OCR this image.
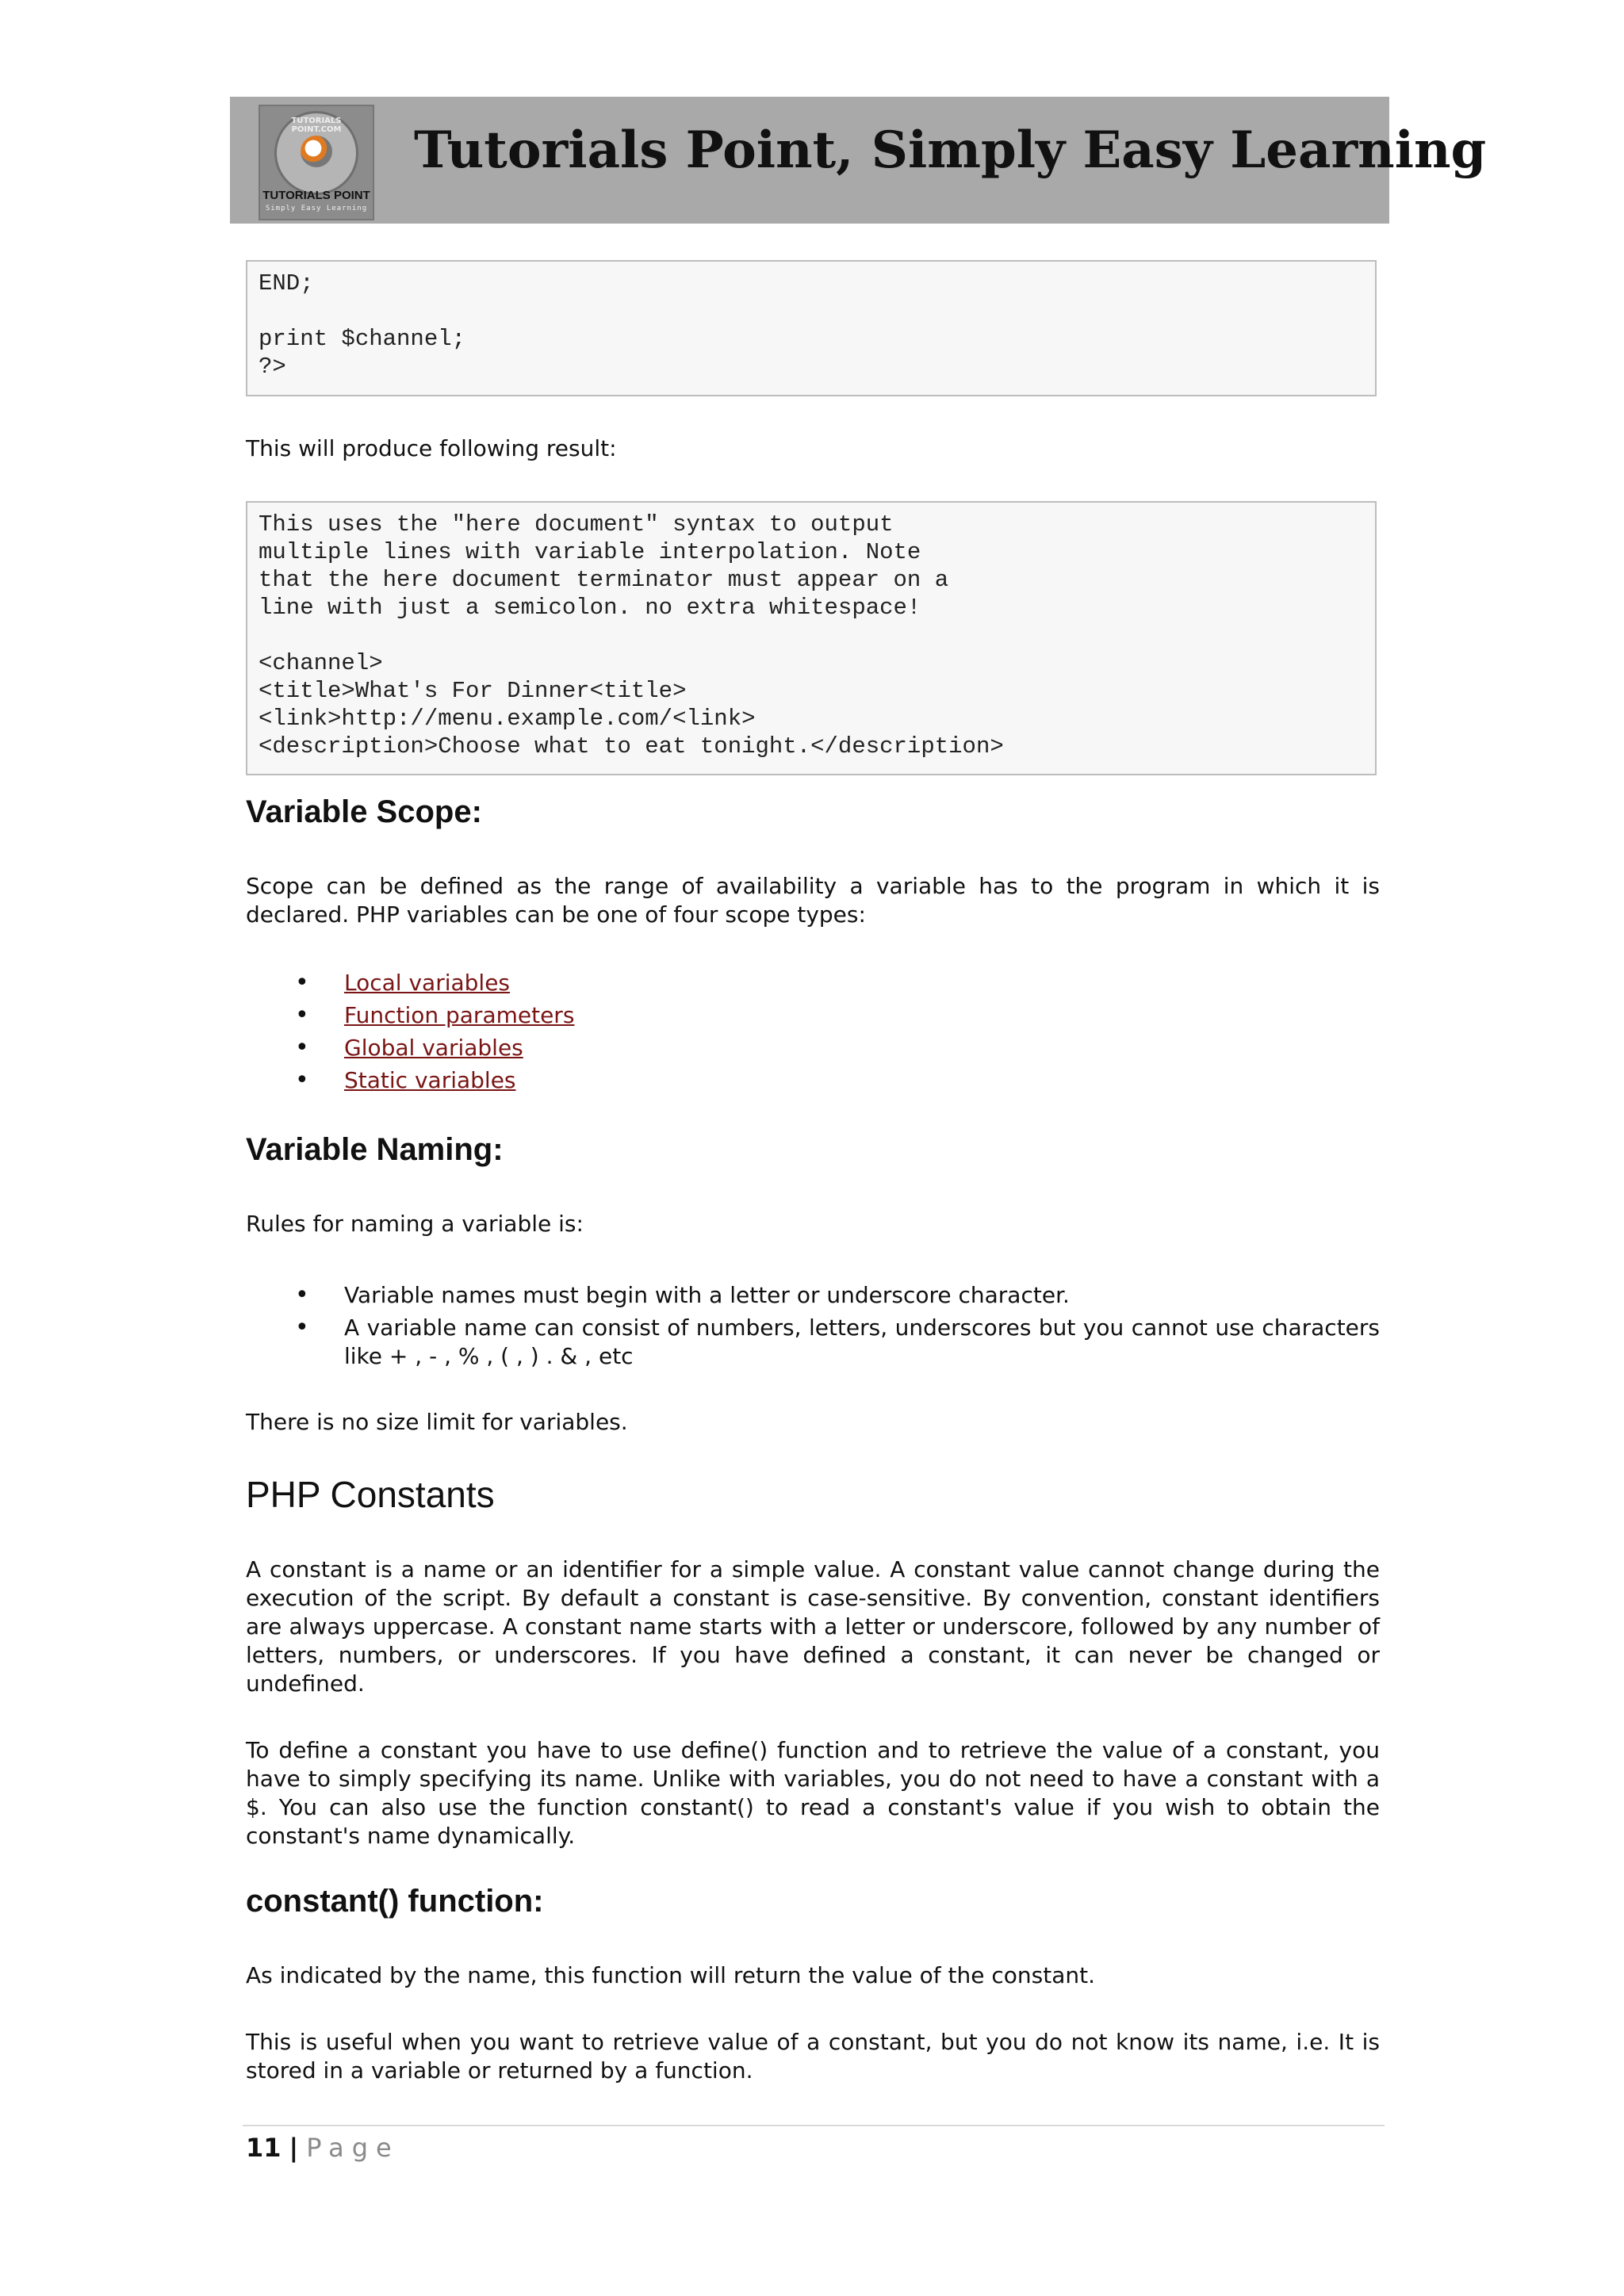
TUTORIALS POINT.COM
TUTORIALS POINT
Simply Easy Learning
Tutorials Point, Simply Easy Learning
END;
print $channel;
?>
This will produce following result:
This uses the "here document" syntax to output
multiple lines with variable interpolation. Note
that the here document terminator must appear on a
line with just a semicolon. no extra whitespace!
<channel>
<title>What's For Dinner<title>
<link>http://menu.example.com/<link>
<description>Choose what to eat tonight.</description>
Variable Scope:
Scope can be defined as the range of availability a variable has to the program in which it is declared. PHP variables can be one of four scope types:
• Local variables
• Function parameters
• Global variables
• Static variables
Variable Naming:
Rules for naming a variable is:
• Variable names must begin with a letter or underscore character.
• A variable name can consist of numbers, letters, underscores but you cannot use characters like + , - , % , ( , ) . & , etc
There is no size limit for variables.
PHP Constants
A constant is a name or an identifier for a simple value. A constant value cannot change during the execution of the script. By default a constant is case-sensitive. By convention, constant identifiers are always uppercase. A constant name starts with a letter or underscore, followed by any number of letters, numbers, or underscores. If you have defined a constant, it can never be changed or undefined.
To define a constant you have to use define() function and to retrieve the value of a constant, you have to simply specifying its name. Unlike with variables, you do not need to have a constant with a $. You can also use the function constant() to read a constant's value if you wish to obtain the constant's name dynamically.
constant() function:
As indicated by the name, this function will return the value of the constant.
This is useful when you want to retrieve value of a constant, but you do not know its name, i.e. It is stored in a variable or returned by a function.
11 | Page
